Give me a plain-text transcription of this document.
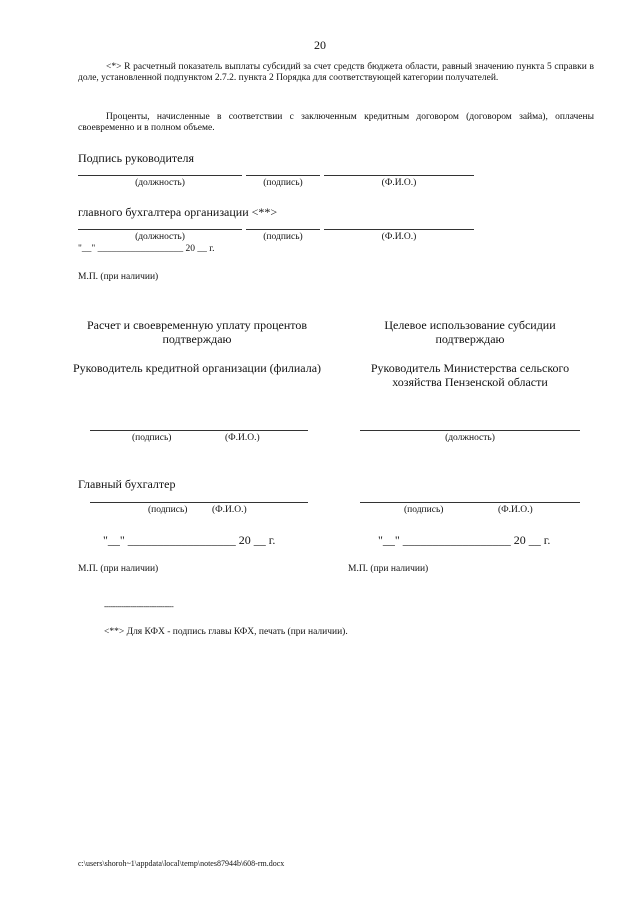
20
<*> R расчетный показатель выплаты субсидий за счет средств бюджета области, равный значению пункта 5 справки в доле, установленной подпунктом 2.7.2. пункта 2 Порядка для соответствующей категории получателей.
Проценты, начисленные в соответствии с заключенным кредитным договором (договором займа), оплачены своевременно и в полном объеме.
Подпись руководителя
(должность)	(подпись)	(Ф.И.О.)
главного бухгалтера организации <**>
(должность)	(подпись)	(Ф.И.О.)
"__" __________________ 20 __ г.
М.П. (при наличии)
Расчет и своевременную уплату процентов подтверждаю
Руководитель кредитной организации (филиала)
(подпись)	(Ф.И.О.)
Главный бухгалтер
(подпись)	(Ф.И.О.)
"__" __________________ 20 __ г.
М.П. (при наличии)
Целевое использование субсидии подтверждаю
Руководитель Министерства сельского хозяйства Пензенской области
(должность)
(подпись)	(Ф.И.О.)
"__" __________________ 20 __ г.
М.П. (при наличии)
--------------------------------
<**> Для КФХ - подпись главы КФХ, печать (при наличии).
c:\users\shoroh~1\appdata\local\temp\notes87944b\608-rm.docx
